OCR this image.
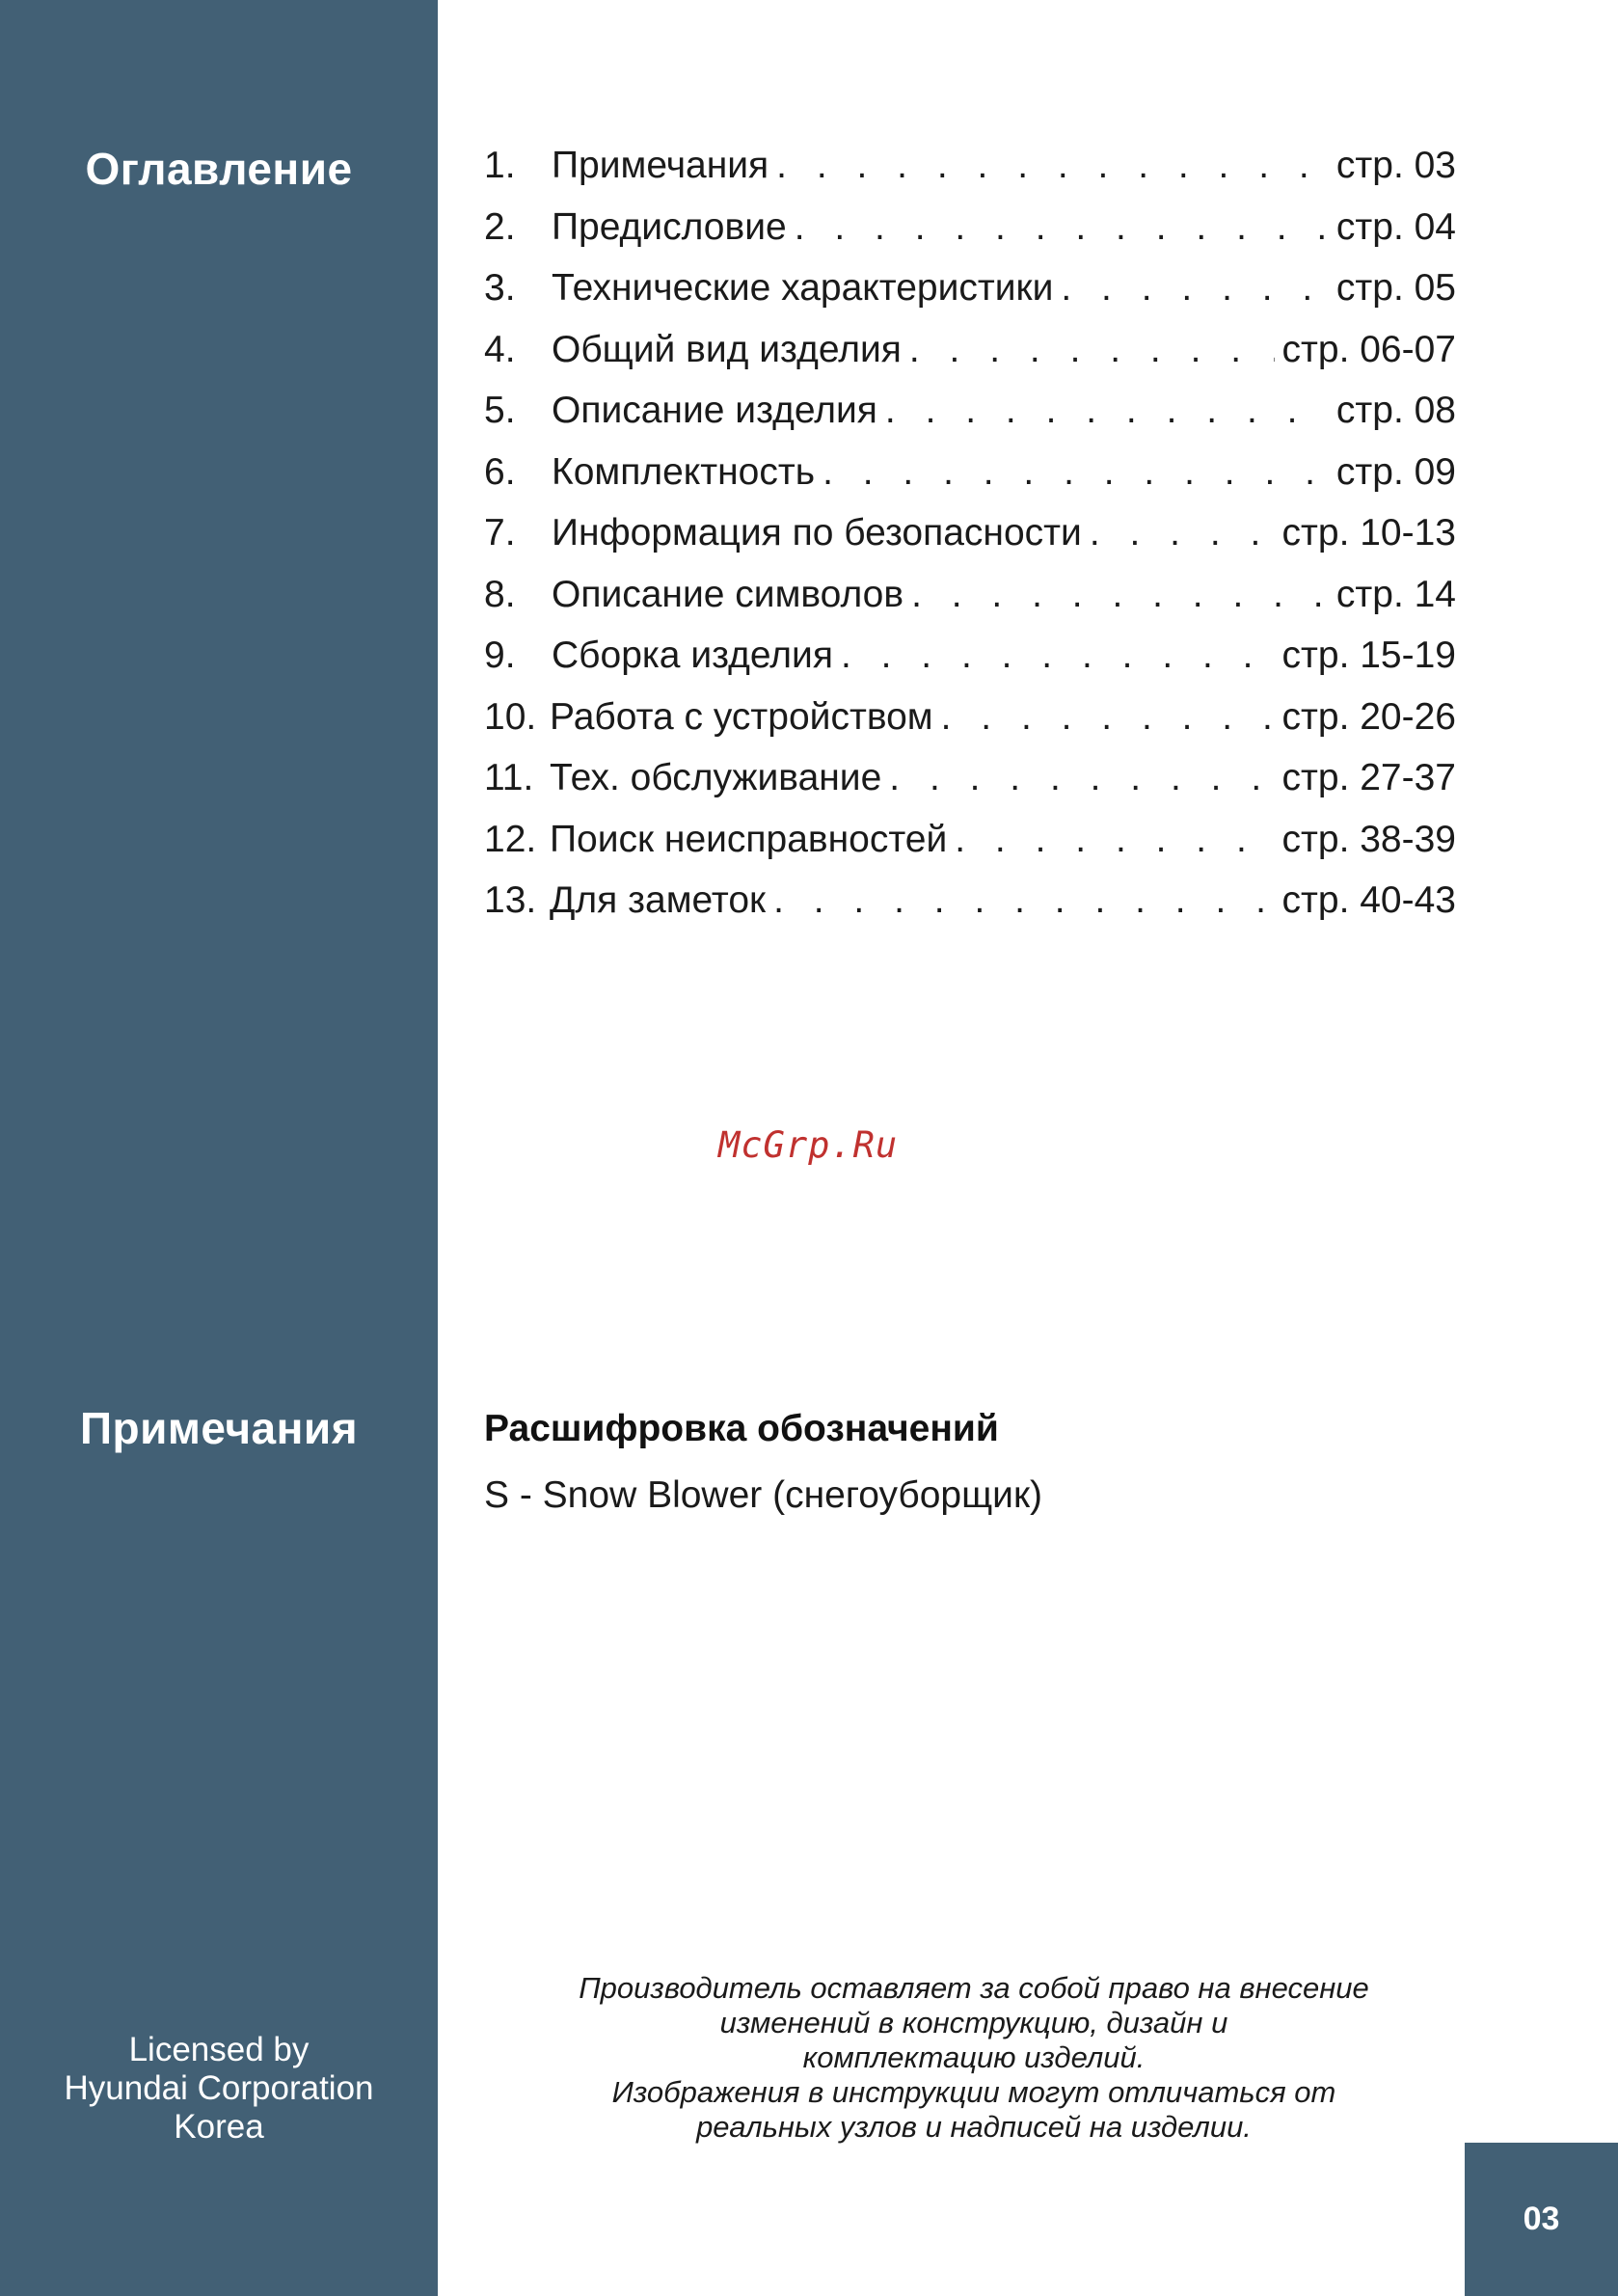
Оглавление
Примечания
Licensed by
Hyundai Corporation
Korea
1. Примечания . . .	стр. 03
2. Предисловие . . .	стр. 04
3. Технические характеристики . . .	стр. 05
4. Общий вид изделия . . .	стр. 06-07
5. Описание изделия . . .	стр. 08
6. Комплектность . . .	стр. 09
7. Информация по безопасности . . .	стр. 10-13
8. Описание символов . . .	стр. 14
9. Сборка изделия . . .	стр. 15-19
10. Работа с устройством . . .	стр. 20-26
11. Тех. обслуживание . . .	стр. 27-37
12. Поиск неисправностей . . .	стр. 38-39
13. Для заметок . . .	стр. 40-43
McGrp.Ru
Расшифровка обозначений
S - Snow Blower (снегоуборщик)
Производитель оставляет за собой право на внесение
изменений в конструкцию, дизайн и
комплектацию изделий.
Изображения в инструкции могут отличаться от
реальных узлов и надписей на изделии.
03
